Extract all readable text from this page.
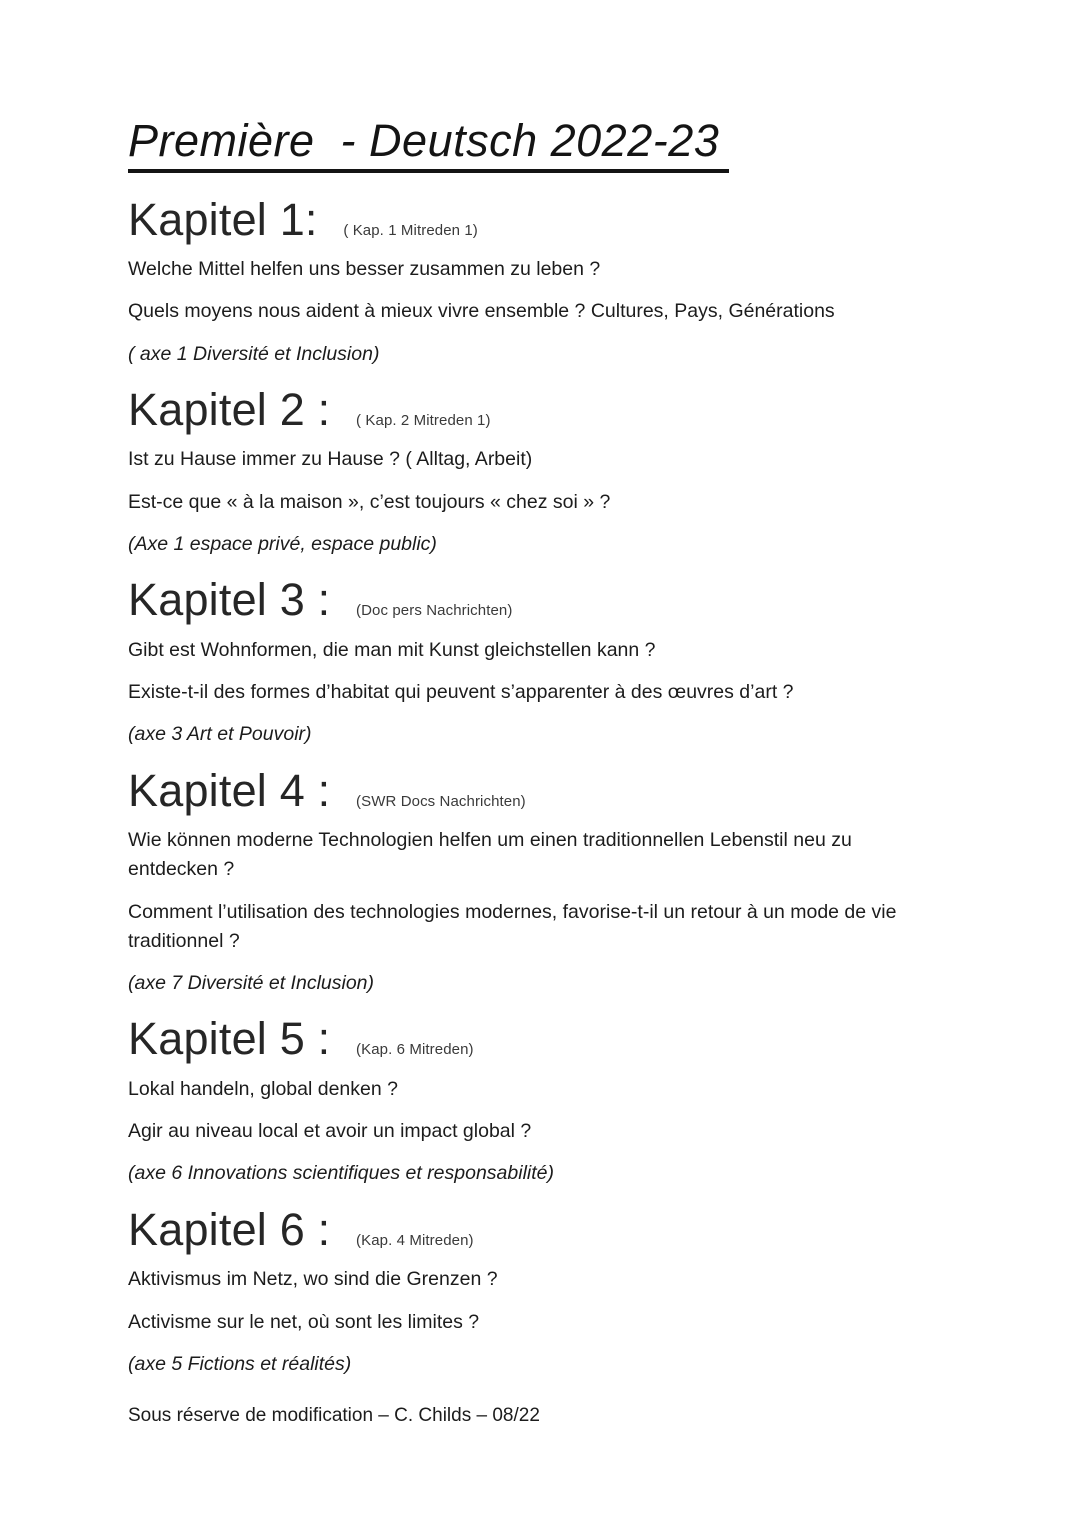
Première  - Deutsch 2022-23
Kapitel 1: ( Kap. 1 Mitreden 1)

Welche Mittel helfen uns besser zusammen zu leben ?

Quels moyens nous aident à mieux vivre ensemble ? Cultures, Pays, Générations

( axe 1 Diversité et Inclusion)

Kapitel 2 : ( Kap. 2 Mitreden 1)

Ist zu Hause immer zu Hause ? ( Alltag, Arbeit)

Est-ce que « à la maison », c’est toujours « chez soi » ?

(Axe 1 espace privé, espace public)

Kapitel 3 : (Doc pers Nachrichten)

Gibt est Wohnformen, die man mit Kunst gleichstellen kann ?

Existe-t-il des formes d’habitat qui peuvent s’apparenter à des œuvres d’art ?

(axe 3 Art et Pouvoir)

Kapitel 4 : (SWR Docs Nachrichten)

Wie können moderne Technologien helfen um einen traditionnellen Lebenstil neu zu entdecken ?

Comment l’utilisation des technologies modernes, favorise-t-il un retour à un mode de vie traditionnel ?

(axe 7 Diversité et Inclusion)

Kapitel 5 : (Kap. 6 Mitreden)

Lokal handeln, global denken ?

Agir au niveau local et avoir un impact global ?

(axe 6 Innovations scientifiques et responsabilité)

Kapitel 6 : (Kap. 4 Mitreden)

Aktivismus im Netz, wo sind die Grenzen ?

Activisme sur le net, où sont les limites ?

(axe 5 Fictions et réalités)

Sous réserve de modification – C. Childs – 08/22
